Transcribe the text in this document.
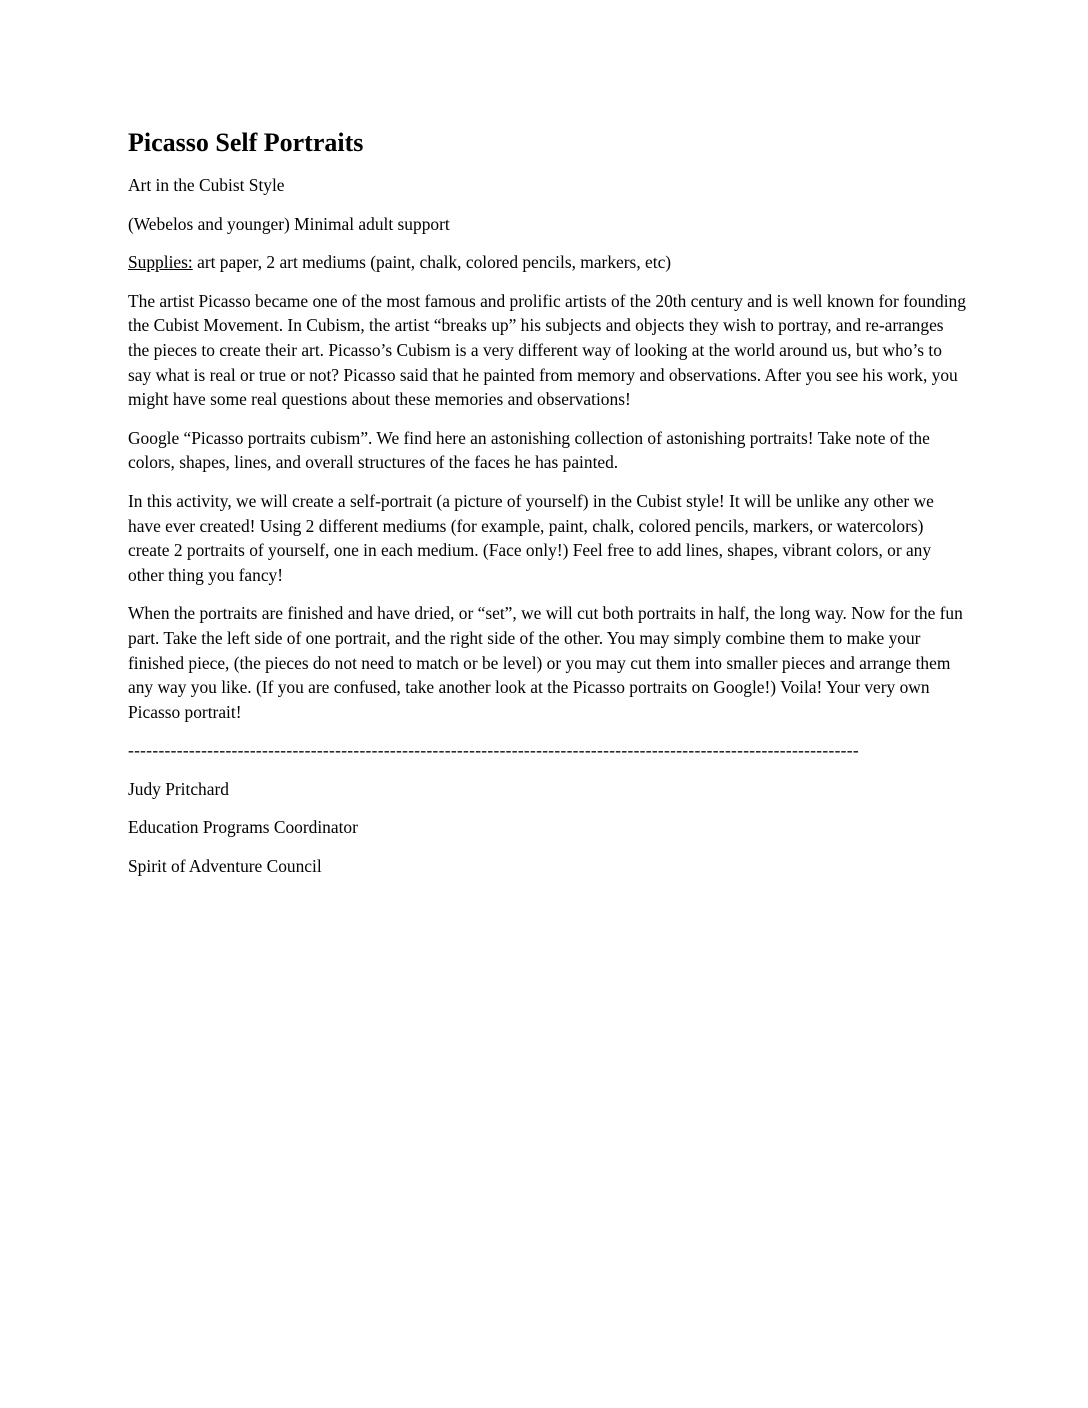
Picasso Self Portraits

Art in the Cubist Style

(Webelos and younger) Minimal adult support

Supplies: art paper, 2 art mediums (paint, chalk, colored pencils, markers, etc)

The artist Picasso became one of the most famous and prolific artists of the 20th century and is well known for founding the Cubist Movement. In Cubism, the artist “breaks up” his subjects and objects they wish to portray, and re-arranges the pieces to create their art. Picasso’s Cubism is a very different way of looking at the world around us, but who’s to say what is real or true or not? Picasso said that he painted from memory and observations. After you see his work, you might have some real questions about these memories and observations!

Google “Picasso portraits cubism”. We find here an astonishing collection of astonishing portraits! Take note of the colors, shapes, lines, and overall structures of the faces he has painted.

In this activity, we will create a self-portrait (a picture of yourself) in the Cubist style! It will be unlike any other we have ever created! Using 2 different mediums (for example, paint, chalk, colored pencils, markers, or watercolors) create 2 portraits of yourself, one in each medium. (Face only!) Feel free to add lines, shapes, vibrant colors, or any other thing you fancy!

When the portraits are finished and have dried, or “set”, we will cut both portraits in half, the long way. Now for the fun part. Take the left side of one portrait, and the right side of the other. You may simply combine them to make your finished piece, (the pieces do not need to match or be level) or you may cut them into smaller pieces and arrange them any way you like. (If you are confused, take another look at the Picasso portraits on Google!) Voila! Your very own Picasso portrait!

------------------------------------------------------------------------------------------------------------------------

Judy Pritchard

Education Programs Coordinator

Spirit of Adventure Council
